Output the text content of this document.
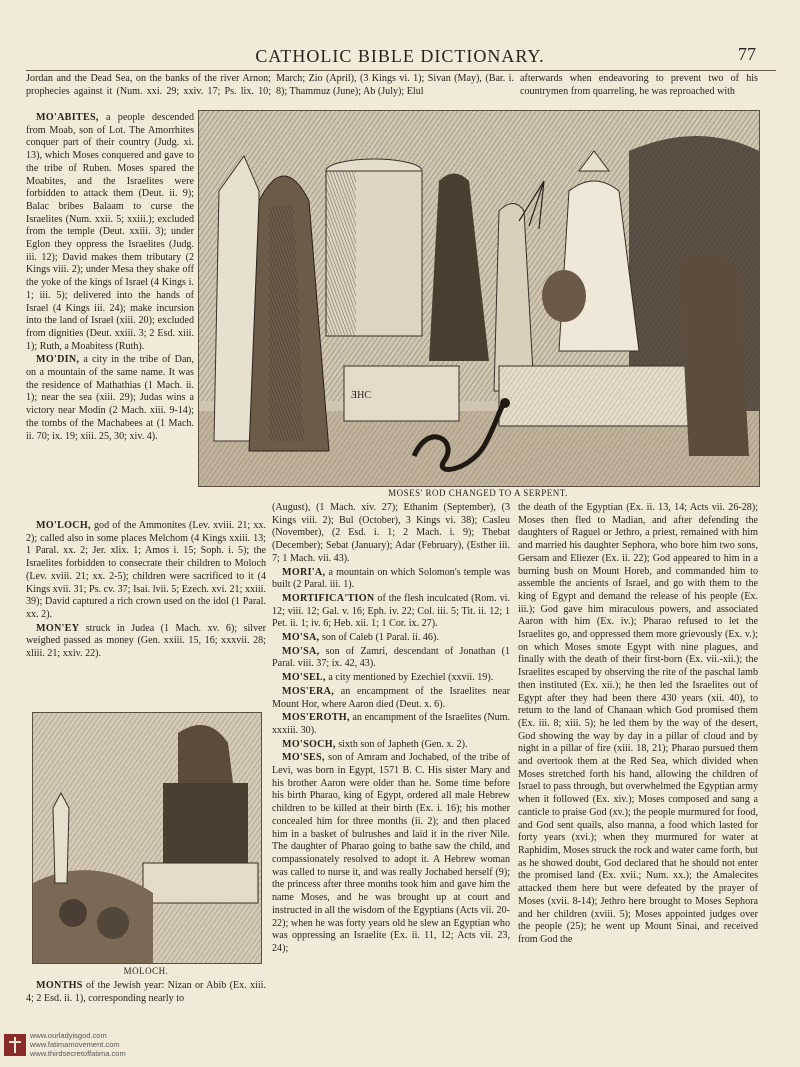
CATHOLIC BIBLE DICTIONARY.	77

Jordan and the Dead Sea, on the banks of the river Arnon; prophecies against it (Num. xxi. 29; xxiv. 17; Ps. lix. 10;

March; Zio (April), (3 Kings vi. 1); Sivan (May), (Bar. i. 8); Thammuz (June); Ab (July); Elul

afterwards when endeavoring to prevent two of his countrymen from quarreling, he was reproached with

MO'ABITES, a people descended from Moab, son of Lot. The Amorrhites conquer part of their country (Judg. xi. 13), which Moses conquered and gave to the tribe of Ruben. Moses spared the Moabites, and the Israelites were forbidden to attack them (Deut. ii. 9); Balac bribes Balaam to curse the Israelites (Num. xxii. 5; xxiii.); excluded from the temple (Deut. xxiii. 3); under Eglon they oppress the Israelites (Judg. iii. 12); David makes them tributary (2 Kings viii. 2); under Mesa they shake off the yoke of the kings of Israel (4 Kings i. 1; iii. 5); delivered into the hands of Israel (4 Kings iii. 24); make incursion into the land of Israel (xiii. 20); excluded from dignities (Deut. xxiii. 3; 2 Esd. xiii. 1); Ruth, a Moabitess (Ruth).

MO'DIN, a city in the tribe of Dan, on a mountain of the same name. It was the residence of Mathathias (1 Mach. ii. 1); near the sea (xiii. 29); Judas wins a victory near Modin (2 Mach. xiii. 9-14); the tombs of the Machabees at (1 Mach. ii. 70; ix. 19; xiii. 25, 30; xiv. 4).

MO'LOCH, god of the Ammonites (Lev. xviii. 21; xx. 2); called also in some places Melchom (4 Kings xxiii. 13; 1 Paral. xx. 2; Jer. xlix. 1; Amos i. 15; Soph. i. 5); the Israelites forbidden to consecrate their children to Moloch (Lev. xviii. 21; xx. 2-5); children were sacrificed to it (4 Kings xvii. 31; Ps. cv. 37; Isai. lvii. 5; Ezech. xvi. 21; xxiii. 39); David captured a rich crown used on the idol (1 Paral. xx. 2).

MON'EY struck in Judea (1 Mach. xv. 6); silver weighed passed as money (Gen. xxiii. 15, 16; xxxvii. 28; xliii. 21; xxiv. 22).

ƎHC
MOSES' ROD CHANGED TO A SERPENT.
MOLOCH.

MONTHS of the Jewish year: Nizan or Abib (Ex. xiii. 4; 2 Esd. ii. 1), corresponding nearly to

(August), (1 Mach. xiv. 27); Ethanim (September), (3 Kings viii. 2); Bul (October), 3 Kings vi. 38); Casleu (November), (2 Esd. i. 1; 2 Mach. i. 9); Thebat (December); Sebat (January); Adar (February), (Esther iii. 7; 1 Mach. vii. 43).

MORI'A, a mountain on which Solomon's temple was built (2 Paral. iii. 1).

MORTIFICA'TION of the flesh inculcated (Rom. vi. 12; viii. 12; Gal. v. 16; Eph. iv. 22; Col. iii. 5; Tit. ii. 12; 1 Pet. ii. 1; iv. 6; Heb. xii. 1; 1 Cor. ix. 27).

MO'SA, son of Caleb (1 Paral. ii. 46).

MO'SA, son of Zamri, descendant of Jonathan (1 Paral. viii. 37; ix. 42, 43).

MO'SEL, a city mentioned by Ezechiel (xxvii. 19).

MOS'ERA, an encampment of the Israelites near Mount Hor, where Aaron died (Deut. x. 6).

MOS'EROTH, an encampment of the Israelites (Num. xxxiii. 30).

MO'SOCH, sixth son of Japheth (Gen. x. 2).

MO'SES, son of Amram and Jochabed, of the tribe of Levi, was born in Egypt, 1571 B. C. His sister Mary and his brother Aaron were older than he. Some time before his birth Pharao, king of Egypt, ordered all male Hebrew children to be killed at their birth (Ex. i. 16); his mother concealed him for three months (ii. 2); and then placed him in a basket of bulrushes and laid it in the river Nile. The daughter of Pharao going to bathe saw the child, and compassionately resolved to adopt it. A Hebrew woman was called to nurse it, and was really Jochabed herself (9); the princess after three months took him and gave him the name Moses, and he was brought up at court and instructed in all the wisdom of the Egyptians (Acts vii. 20-22); when he was forty years old he slew an Egyptian who was oppressing an Israelite (Ex. ii. 11, 12; Acts vii. 23, 24);

the death of the Egyptian (Ex. ii. 13, 14; Acts vii. 26-28); Moses then fled to Madian, and after defending the daughters of Raguel or Jethro, a priest, remained with him and married his daughter Sephora, who bore him two sons, Gersam and Eliezer (Ex. ii. 22); God appeared to him in a burning bush on Mount Horeb, and commanded him to assemble the ancients of Israel, and go with them to the king of Egypt and demand the release of his people (Ex. iii.); God gave him miraculous powers, and associated Aaron with him (Ex. iv.); Pharao refused to let the Israelites go, and oppressed them more grievously (Ex. v.); on which Moses smote Egypt with nine plagues, and finally with the death of their first-born (Ex. vii.-xii.); the Israelites escaped by observing the rite of the paschal lamb then instituted (Ex. xii.); he then led the Israelites out of Egypt after they had been there 430 years (xii. 40), to return to the land of Chanaan which God promised them (Ex. iii. 8; xiii. 5); he led them by the way of the desert, God showing the way by day in a pillar of cloud and by night in a pillar of fire (xiii. 18, 21); Pharao pursued them and overtook them at the Red Sea, which divided when Moses stretched forth his hand, allowing the children of Israel to pass through, but overwhelmed the Egyptian army when it followed (Ex. xiv.); Moses composed and sang a canticle to praise God (xv.); the people murmured for food, and God sent quails, also manna, a food which lasted for forty years (xvi.); when they murmured for water at Raphidim, Moses struck the rock and water came forth, but as he showed doubt, God declared that he should not enter the promised land (Ex. xvii.; Num. xx.); the Amalecites attacked them here but were defeated by the prayer of Moses (xvii. 8-14); Jethro here brought to Moses Sephora and her children (xviii. 5); Moses appointed judges over the people (25); he went up Mount Sinai, and received from God the

www.ourladyisgod.com
www.fatimamovement.com
www.thirdsecretoffatima.com
